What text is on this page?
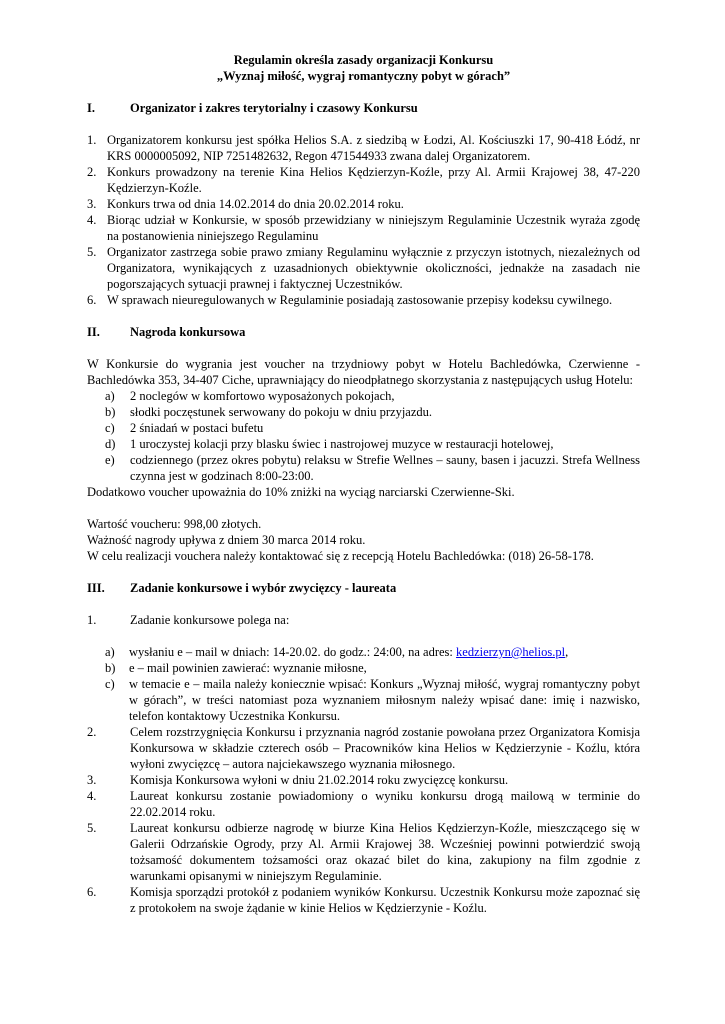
Regulamin określa zasady organizacji Konkursu
„Wyznaj miłość, wygraj romantyczny pobyt w górach”
I.	Organizator i zakres terytorialny i czasowy Konkursu
1. Organizatorem konkursu jest spółka Helios S.A. z siedzibą w Łodzi, Al. Kościuszki 17, 90-418 Łódź, nr KRS 0000005092, NIP 7251482632, Regon 471544933 zwana dalej Organizatorem.
2. Konkurs prowadzony na terenie Kina Helios Kędzierzyn-Koźle, przy Al. Armii Krajowej 38, 47-220 Kędzierzyn-Koźle.
3. Konkurs trwa od dnia 14.02.2014 do dnia 20.02.2014 roku.
4. Biorąc udział w Konkursie, w sposób przewidziany w niniejszym Regulaminie Uczestnik wyraża zgodę na postanowienia niniejszego Regulaminu
5. Organizator zastrzega sobie prawo zmiany Regulaminu wyłącznie z przyczyn istotnych, niezależnych od Organizatora, wynikających z uzasadnionych obiektywnie okoliczności, jednakże na zasadach nie pogorszających sytuacji prawnej i faktycznej Uczestników.
6. W sprawach nieuregulowanych w Regulaminie posiadają zastosowanie przepisy kodeksu cywilnego.
II.	Nagroda konkursowa
W Konkursie do wygrania jest voucher na trzydniowy pobyt w Hotelu Bachledówka, Czerwienne - Bachledówka 353, 34-407 Ciche, uprawniający do nieodpłatnego skorzystania z następujących usług Hotelu:
a)	2 noclegów w komfortowo wyposażonych pokojach,
b)	słodki poczęstunek serwowany do pokoju w dniu przyjazdu.
c)	2 śniadań w postaci bufetu
d)	1 uroczystej kolacji przy blasku świec i nastrojowej muzyce w restauracji hotelowej,
e)	codziennego (przez okres pobytu) relaksu w Strefie Wellnes – sauny, basen i jacuzzi. Strefa Wellness czynna jest w godzinach 8:00-23:00.
Dodatkowo voucher upoważnia do 10% zniżki na wyciąg narciarski Czerwienne-Ski.
Wartość voucheru: 998,00 złotych.
Ważność nagrody upływa z dniem 30 marca 2014 roku.
W celu realizacji vouchera należy kontaktować się z recepcją Hotelu Bachledówka: (018) 26-58-178.
III.	Zadanie konkursowe i wybór zwycięzcy - laureata
1.	Zadanie konkursowe polega na:
a)	wysłaniu e – mail w dniach: 14-20.02. do godz.: 24:00, na adres: kedzierzyn@helios.pl,
b)	e – mail powinien zawierać: wyznanie miłosne,
c)	w temacie e – maila należy koniecznie wpisać: Konkurs „Wyznaj miłość, wygraj romantyczny pobyt w górach”, w treści natomiast poza wyznaniem miłosnym należy wpisać dane: imię i nazwisko, telefon kontaktowy Uczestnika Konkursu.
2.	Celem rozstrzygnięcia Konkursu i przyznania nagród zostanie powołana przez Organizatora Komisja Konkursowa w składzie czterech osób – Pracowników kina Helios w Kędzierzynie - Koźlu, która wyłoni zwycięzcę – autora najciekawszego wyznania miłosnego.
3.	Komisja Konkursowa wyłoni w dniu 21.02.2014 roku zwycięzcę konkursu.
4.	Laureat konkursu zostanie powiadomiony o wyniku konkursu drogą mailową w terminie do 22.02.2014 roku.
5.	Laureat konkursu odbierze nagrodę w biurze Kina Helios Kędzierzyn-Koźle, mieszczącego się w Galerii Odrzańskie Ogrody, przy Al. Armii Krajowej 38. Wcześniej powinni potwierdzić swoją tożsamość dokumentem tożsamości oraz okazać bilet do kina, zakupiony na film zgodnie z warunkami opisanymi w niniejszym Regulaminie.
6.	Komisja sporządzi protokół z podaniem wyników Konkursu. Uczestnik Konkursu może zapoznać się z protokołem na swoje żądanie w kinie Helios w Kędzierzynie - Koźlu.
